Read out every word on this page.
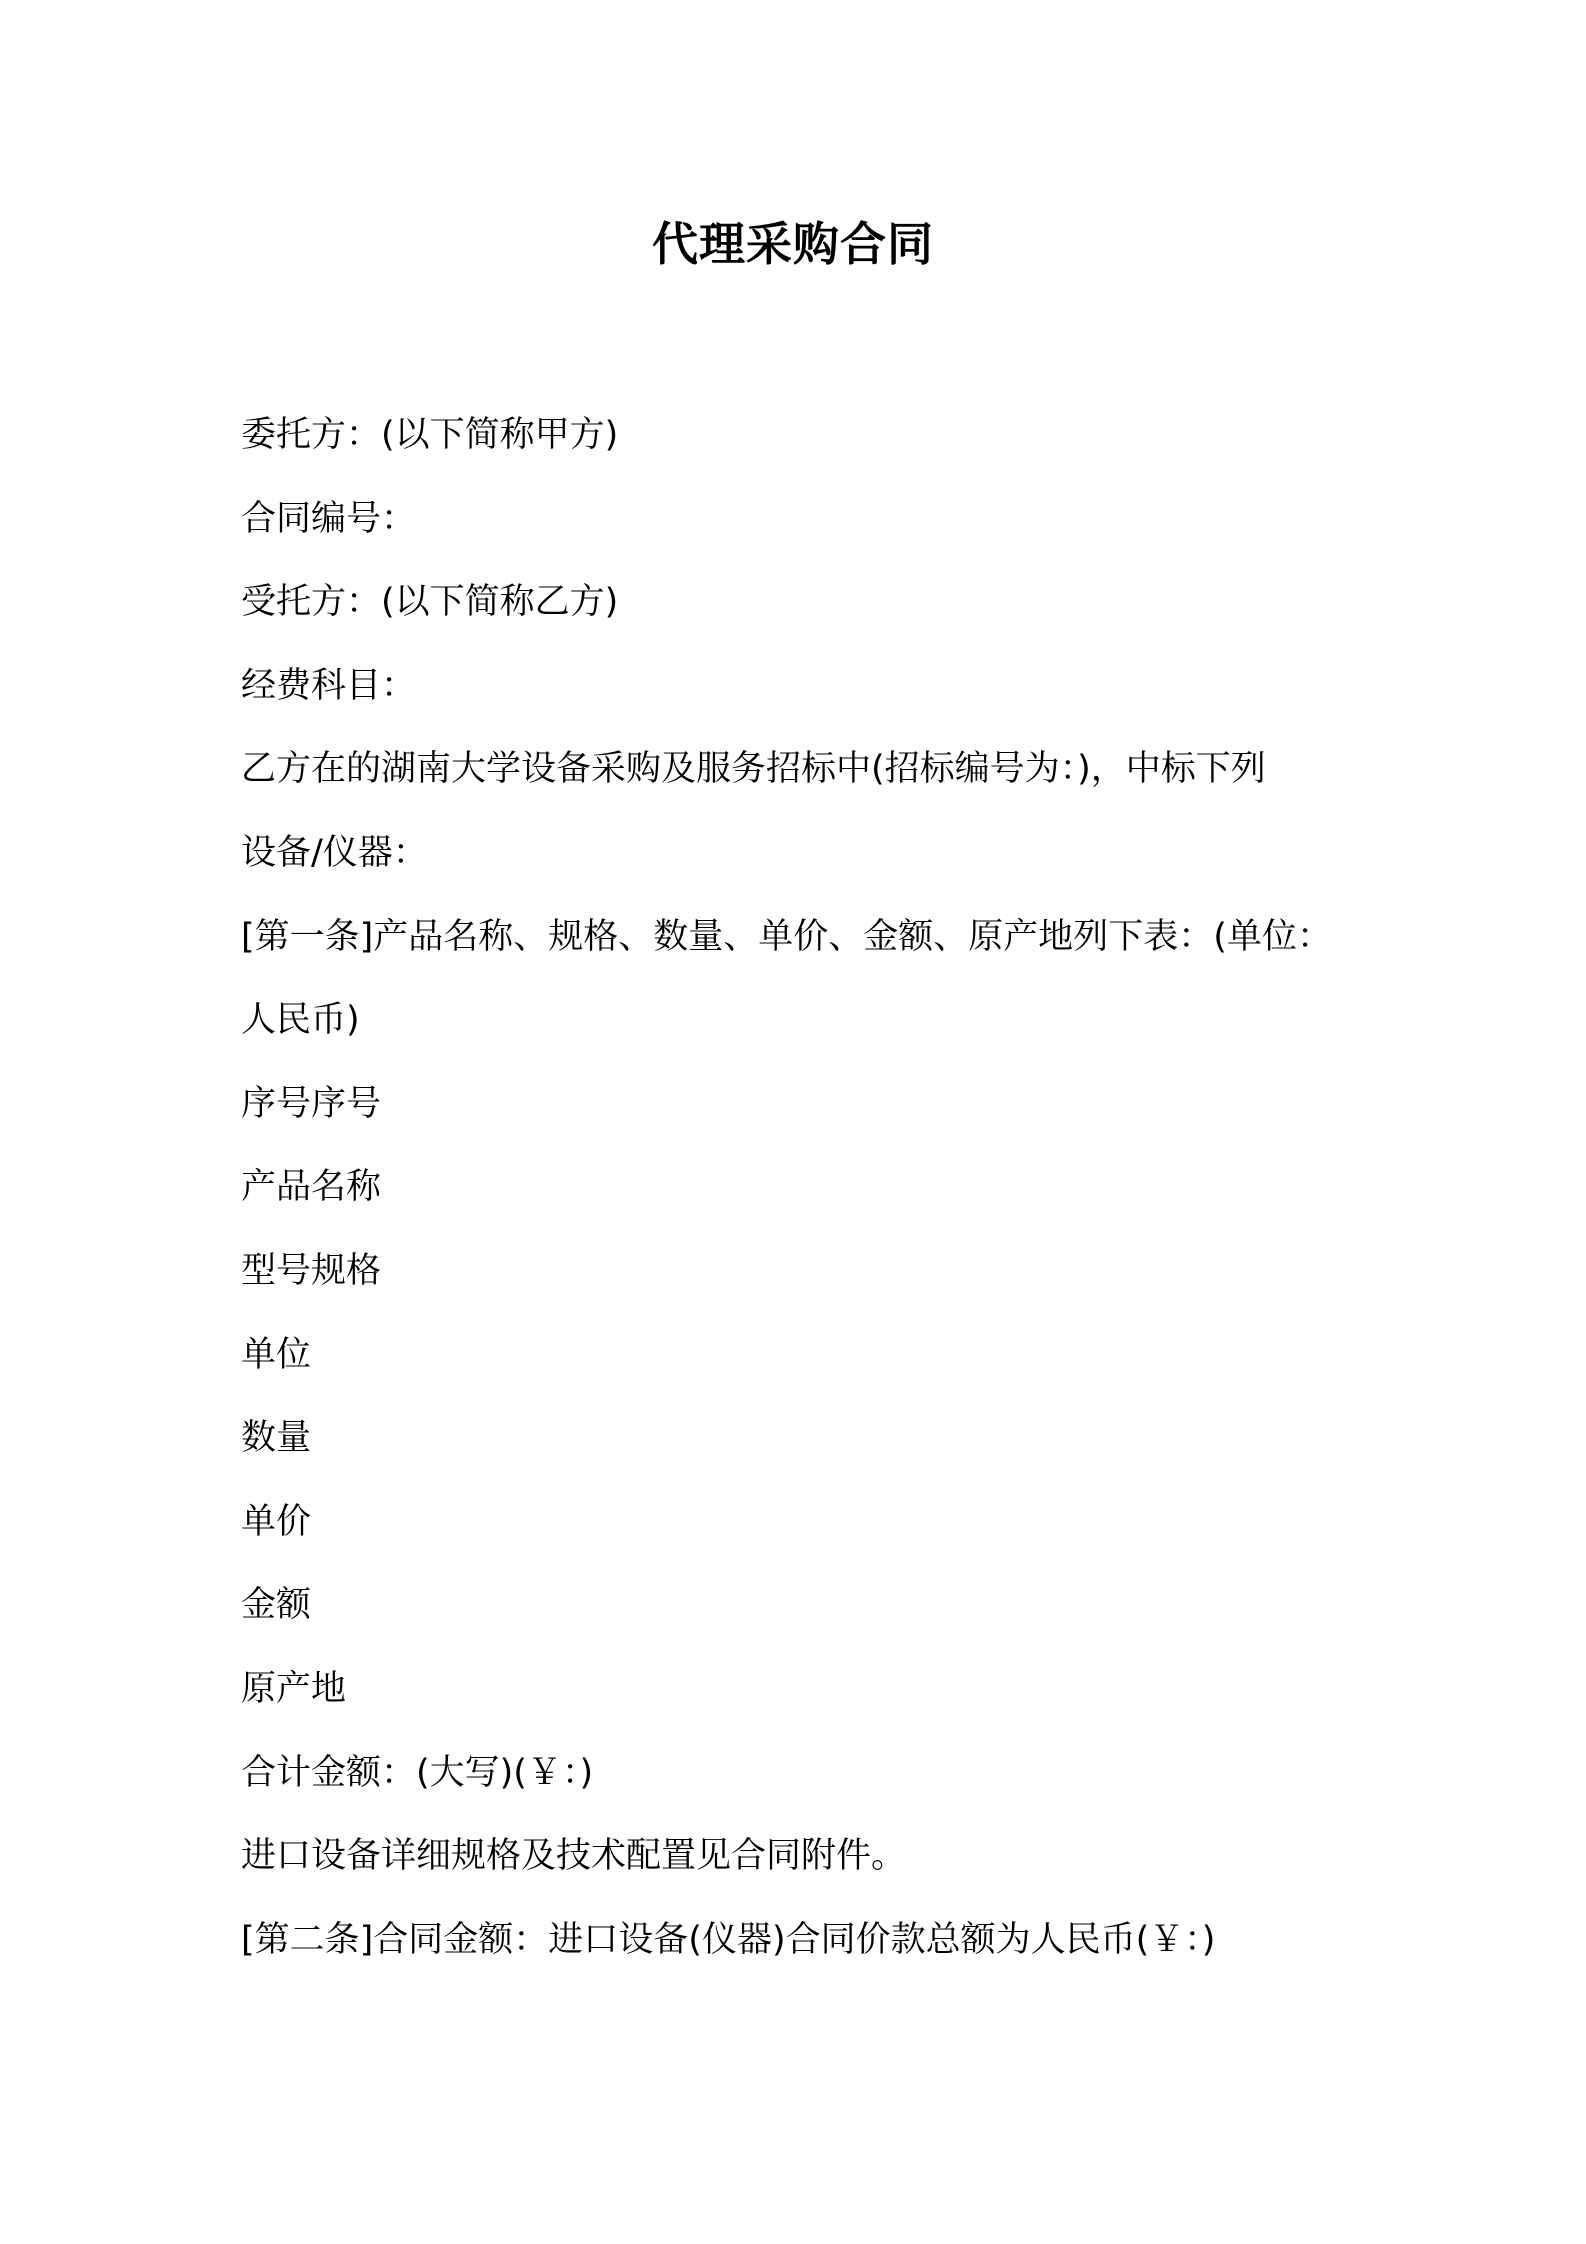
代理采购合同
委托方：(以下简称甲方)
合同编号：
受托方：(以下简称乙方)
经费科目：
乙方在的湖南大学设备采购及服务招标中(招标编号为：)，中标下列
设备/仪器：
[第一条]产品名称、规格、数量、单价、金额、原产地列下表：(单位：
人民币)
序号序号
产品名称
型号规格
单位
数量
单价
金额
原产地
合计金额：(大写)(￥：)
进口设备详细规格及技术配置见合同附件。
[第二条]合同金额：进口设备(仪器)合同价款总额为人民币(￥：)
